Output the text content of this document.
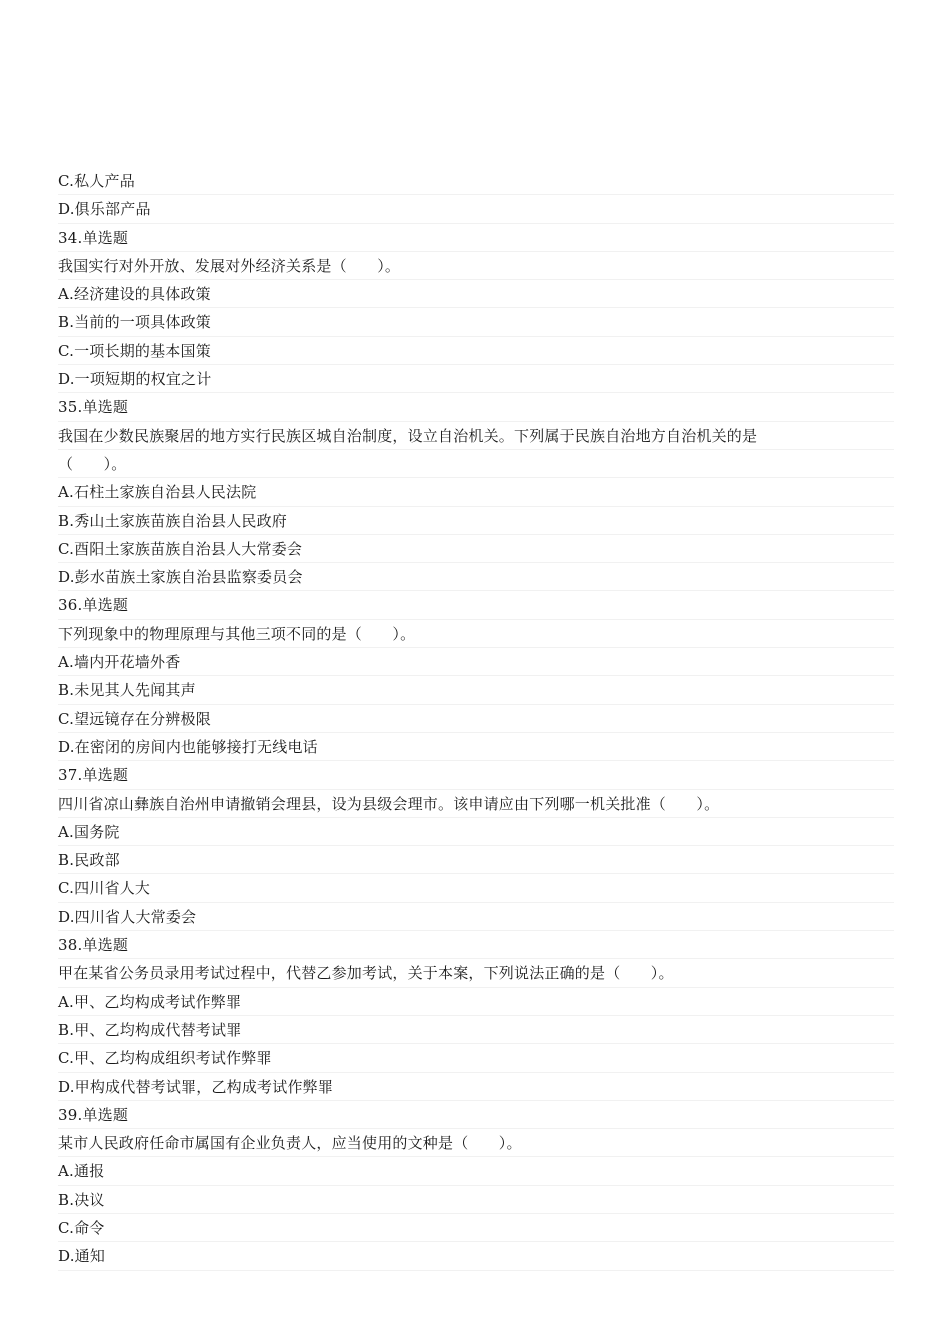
C.私人产品
D.俱乐部产品
34.单选题
我国实行对外开放、发展对外经济关系是（　　）。
A.经济建设的具体政策
B.当前的一项具体政策
C.一项长期的基本国策
D.一项短期的权宜之计
35.单选题
我国在少数民族聚居的地方实行民族区城自治制度，设立自治机关。下列属于民族自治地方自治机关的是
（　　）。
A.石柱土家族自治县人民法院
B.秀山土家族苗族自治县人民政府
C.酉阳土家族苗族自治县人大常委会
D.彭水苗族土家族自治县监察委员会
36.单选题
下列现象中的物理原理与其他三项不同的是（　　）。
A.墙内开花墙外香
B.未见其人先闻其声
C.望远镜存在分辨极限
D.在密闭的房间内也能够接打无线电话
37.单选题
四川省凉山彝族自治州申请撤销会理县，设为县级会理市。该申请应由下列哪一机关批准（　　）。
A.国务院
B.民政部
C.四川省人大
D.四川省人大常委会
38.单选题
甲在某省公务员录用考试过程中，代替乙参加考试，关于本案，下列说法正确的是（　　）。
A.甲、乙均构成考试作弊罪
B.甲、乙均构成代替考试罪
C.甲、乙均构成组织考试作弊罪
D.甲构成代替考试罪，乙构成考试作弊罪
39.单选题
某市人民政府任命市属国有企业负责人，应当使用的文种是（　　）。
A.通报
B.决议
C.命令
D.通知
